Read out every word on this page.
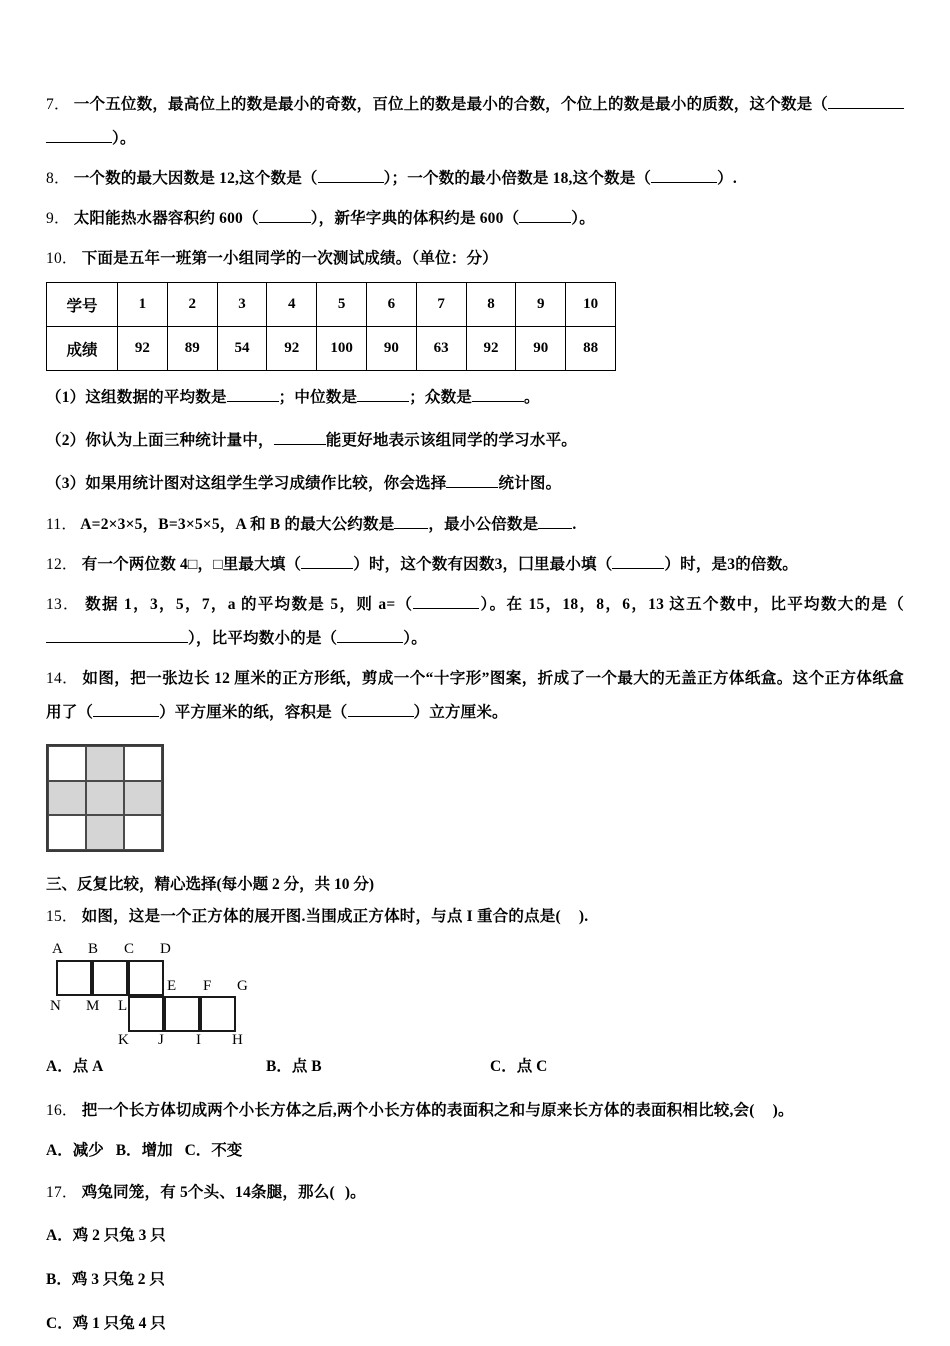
7． 一个五位数，最高位上的数是最小的奇数，百位上的数是最小的合数，个位上的数是最小的质数，这个数是（）。

8． 一个数的最大因数是 12,这个数是（	）；一个数的最小倍数是 18,这个数是（	）.

9． 太阳能热水器容积约 600（	），新华字典的体积约是 600（	）。

10． 下面是五年一班第一小组同学的一次测试成绩。（单位：分）

学号	1	2	3	4	5	6	7	8	9	10
成绩	92	89	54	92	100	90	63	92	90	88

（1）这组数据的平均数是	；中位数是	；众数是	。

（2）你认为上面三种统计量中，	能更好地表示该组同学的学习水平。

（3）如果用统计图对这组学生学习成绩作比较，你会选择	统计图。

11． A=2×3×5，B=3×5×5，A 和 B 的最大公约数是 ，最小公倍数是 .

12． 有一个两位数 4□，□里最大填（	）时，这个数有因数3，囗里最小填（	）时，是3的倍数。

13． 数据 1，3，5，7，a 的平均数是 5，则 a=（	）。在 15，18，8，6，13 这五个数中，比平均数大的是（），比平均数小的是（	）。

14． 如图，把一张边长 12 厘米的正方形纸，剪成一个“十字形”图案，折成了一个最大的无盖正方体纸盒。这个正方体纸盒用了（	）平方厘米的纸，容积是（	）立方厘米。

三、反复比较，精心选择(每小题 2 分，共 10 分)

15． 如图，这是一个正方体的展开图.当围成正方体时，与点 I 重合的点是( ).

A B C D
N M L
E F G
K J I H
A．点 A	B．点 B	C．点 C

16． 把一个长方体切成两个小长方体之后,两个小长方体的表面积之和与原来长方体的表面积相比较,会( )。

A．减少 B．增加 C．不变

17． 鸡兔同笼，有 5个头、14条腿，那么( )。

A．鸡 2 只兔 3 只

B．鸡 3 只兔 2 只

C．鸡 1 只兔 4 只
